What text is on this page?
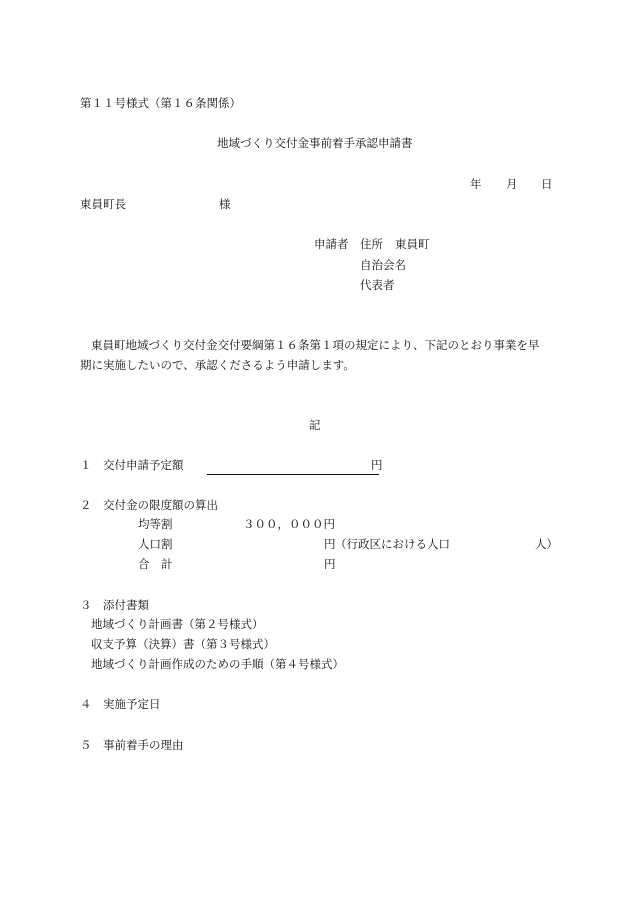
第１１号様式（第１６条関係）
地域づくり交付金事前着手承認申請書
年 月 日
東員町長	様
申請者 住所 東員町
自治会名
代表者
東員町地域づくり交付金交付要綱第１６条第１項の規定により、下記のとおり事業を早
期に実施したいので、承認くださるよう申請します。
記
１ 交付申請予定額	円
２ 交付金の限度額の算出
均等割	３００，０００円
人口割	円 （行政区における人口	人）
合　計	円
３ 添付書類
地域づくり計画書（第２号様式）
収支予算（決算）書（第３号様式）
地域づくり計画作成のための手順（第４号様式）
４ 実施予定日
５ 事前着手の理由
